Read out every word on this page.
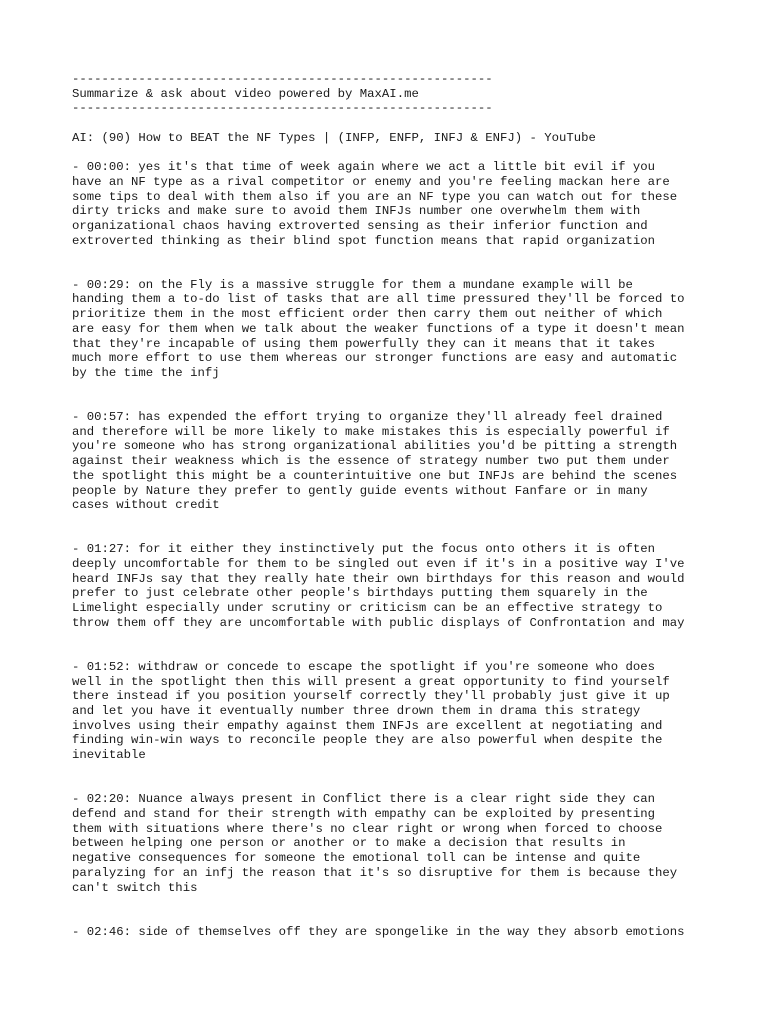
---------------------------------------------------------
Summarize & ask about video powered by MaxAI.me
---------------------------------------------------------
AI: (90) How to BEAT the NF Types | (INFP, ENFP, INFJ & ENFJ) - YouTube
- 00:00: yes it's that time of week again where we act a little bit evil if you
have an NF type as a rival competitor or enemy and you're feeling mackan here are
some tips to deal with them also if you are an NF type you can watch out for these
dirty tricks and make sure to avoid them INFJs number one overwhelm them with
organizational chaos having extroverted sensing as their inferior function and
extroverted thinking as their blind spot function means that rapid organization
- 00:29: on the Fly is a massive struggle for them a mundane example will be
handing them a to-do list of tasks that are all time pressured they'll be forced to
prioritize them in the most efficient order then carry them out neither of which
are easy for them when we talk about the weaker functions of a type it doesn't mean
that they're incapable of using them powerfully they can it means that it takes
much more effort to use them whereas our stronger functions are easy and automatic
by the time the infj
- 00:57: has expended the effort trying to organize they'll already feel drained
and therefore will be more likely to make mistakes this is especially powerful if
you're someone who has strong organizational abilities you'd be pitting a strength
against their weakness which is the essence of strategy number two put them under
the spotlight this might be a counterintuitive one but INFJs are behind the scenes
people by Nature they prefer to gently guide events without Fanfare or in many
cases without credit
- 01:27: for it either they instinctively put the focus onto others it is often
deeply uncomfortable for them to be singled out even if it's in a positive way I've
heard INFJs say that they really hate their own birthdays for this reason and would
prefer to just celebrate other people's birthdays putting them squarely in the
Limelight especially under scrutiny or criticism can be an effective strategy to
throw them off they are uncomfortable with public displays of Confrontation and may
- 01:52: withdraw or concede to escape the spotlight if you're someone who does
well in the spotlight then this will present a great opportunity to find yourself
there instead if you position yourself correctly they'll probably just give it up
and let you have it eventually number three drown them in drama this strategy
involves using their empathy against them INFJs are excellent at negotiating and
finding win-win ways to reconcile people they are also powerful when despite the
inevitable
- 02:20: Nuance always present in Conflict there is a clear right side they can
defend and stand for their strength with empathy can be exploited by presenting
them with situations where there's no clear right or wrong when forced to choose
between helping one person or another or to make a decision that results in
negative consequences for someone the emotional toll can be intense and quite
paralyzing for an infj the reason that it's so disruptive for them is because they
can't switch this
- 02:46: side of themselves off they are spongelike in the way they absorb emotions
